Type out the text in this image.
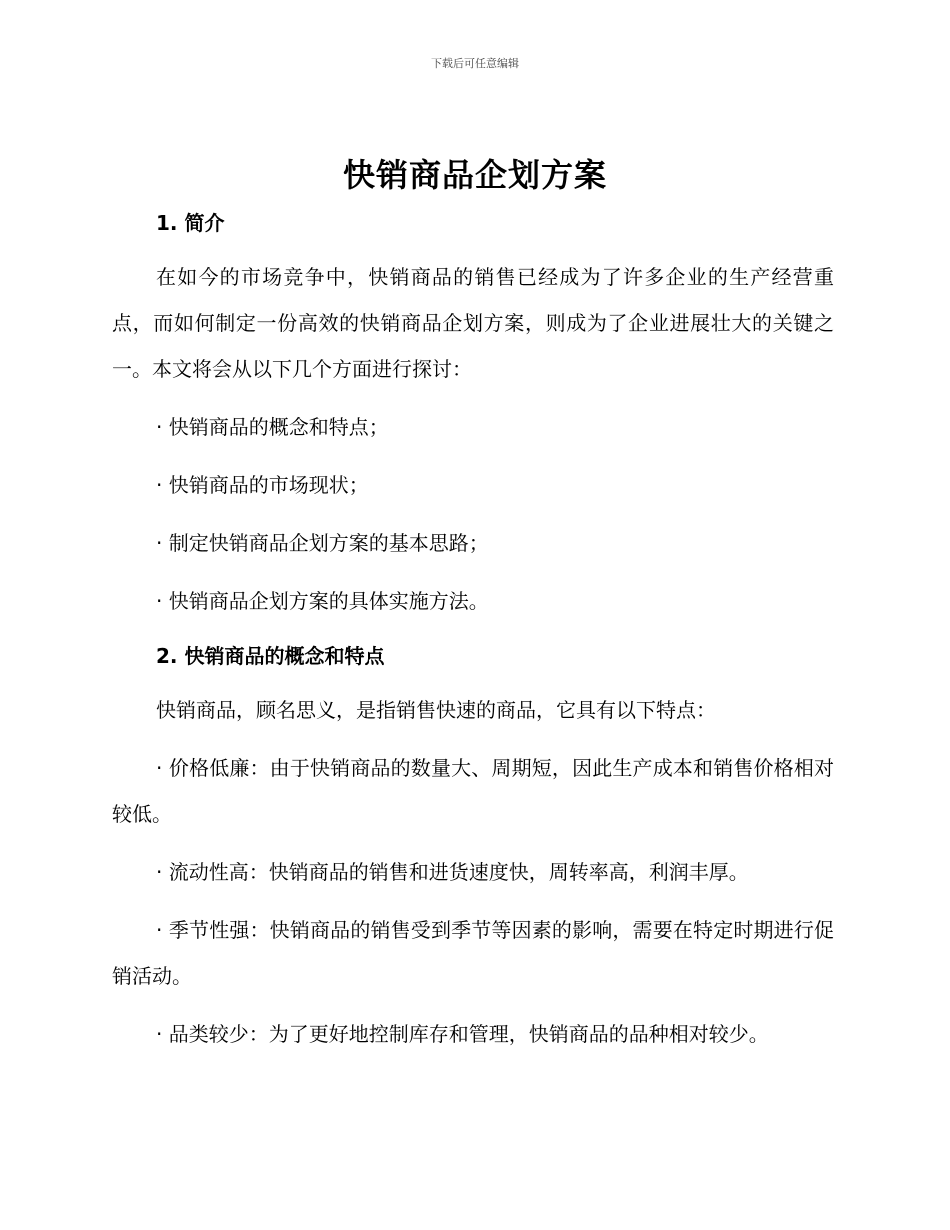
下载后可任意编辑
快销商品企划方案
1. 简介

在如今的市场竞争中，快销商品的销售已经成为了许多企业的生产经营重点，而如何制定一份高效的快销商品企划方案，则成为了企业进展壮大的关键之一。本文将会从以下几个方面进行探讨：

· 快销商品的概念和特点；

· 快销商品的市场现状；

· 制定快销商品企划方案的基本思路；

· 快销商品企划方案的具体实施方法。

2. 快销商品的概念和特点

快销商品，顾名思义，是指销售快速的商品，它具有以下特点：

· 价格低廉：由于快销商品的数量大、周期短，因此生产成本和销售价格相对较低。

· 流动性高：快销商品的销售和进货速度快，周转率高，利润丰厚。

· 季节性强：快销商品的销售受到季节等因素的影响，需要在特定时期进行促销活动。

· 品类较少：为了更好地控制库存和管理，快销商品的品种相对较少。
